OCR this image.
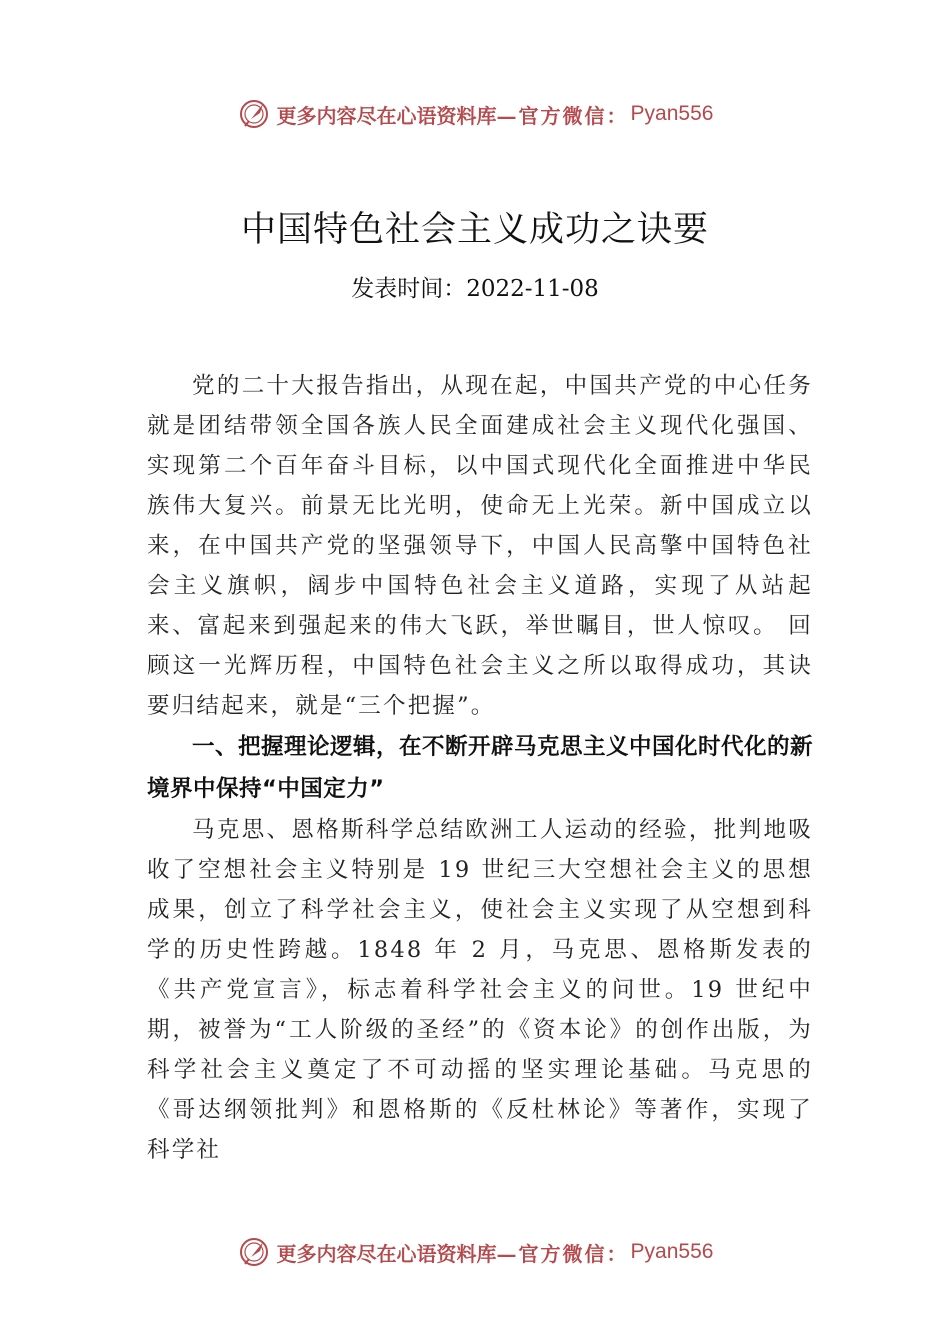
更多内容尽在心语资料库 —官方微信： Pyan556
中国特色社会主义成功之诀要
发表时间：2022-11-08

党的二十大报告指出，从现在起，中国共产党的中心任务就是团结带领全国各族人民全面建成社会主义现代化强国、实现第二个百年奋斗目标，以中国式现代化全面推进中华民族伟大复兴。前景无比光明，使命无上光荣。新中国成立以来，在中国共产党的坚强领导下，中国人民高擎中国特色社会主义旗帜，阔步中国特色社会主义道路，实现了从站起来、富起来到强起来的伟大飞跃，举世瞩目，世人惊叹。 回顾这一光辉历程，中国特色社会主义之所以取得成功，其诀要归结起来，就是“三个把握”。

一、把握理论逻辑，在不断开辟马克思主义中国化时代化的新境界中保持“中国定力”

马克思、恩格斯科学总结欧洲工人运动的经验，批判地吸收了空想社会主义特别是 19 世纪三大空想社会主义的思想成果，创立了科学社会主义，使社会主义实现了从空想到科学的历史性跨越。1848 年 2 月，马克思、恩格斯发表的《共产党宣言》，标志着科学社会主义的问世。19 世纪中期，被誉为“工人阶级的圣经”的《资本论》的创作出版，为科学社会主义奠定了不可动摇的坚实理论基础。马克思的《哥达纲领批判》和恩格斯的《反杜林论》等著作，实现了科学社

更多内容尽在心语资料库 —官方微信： Pyan556
